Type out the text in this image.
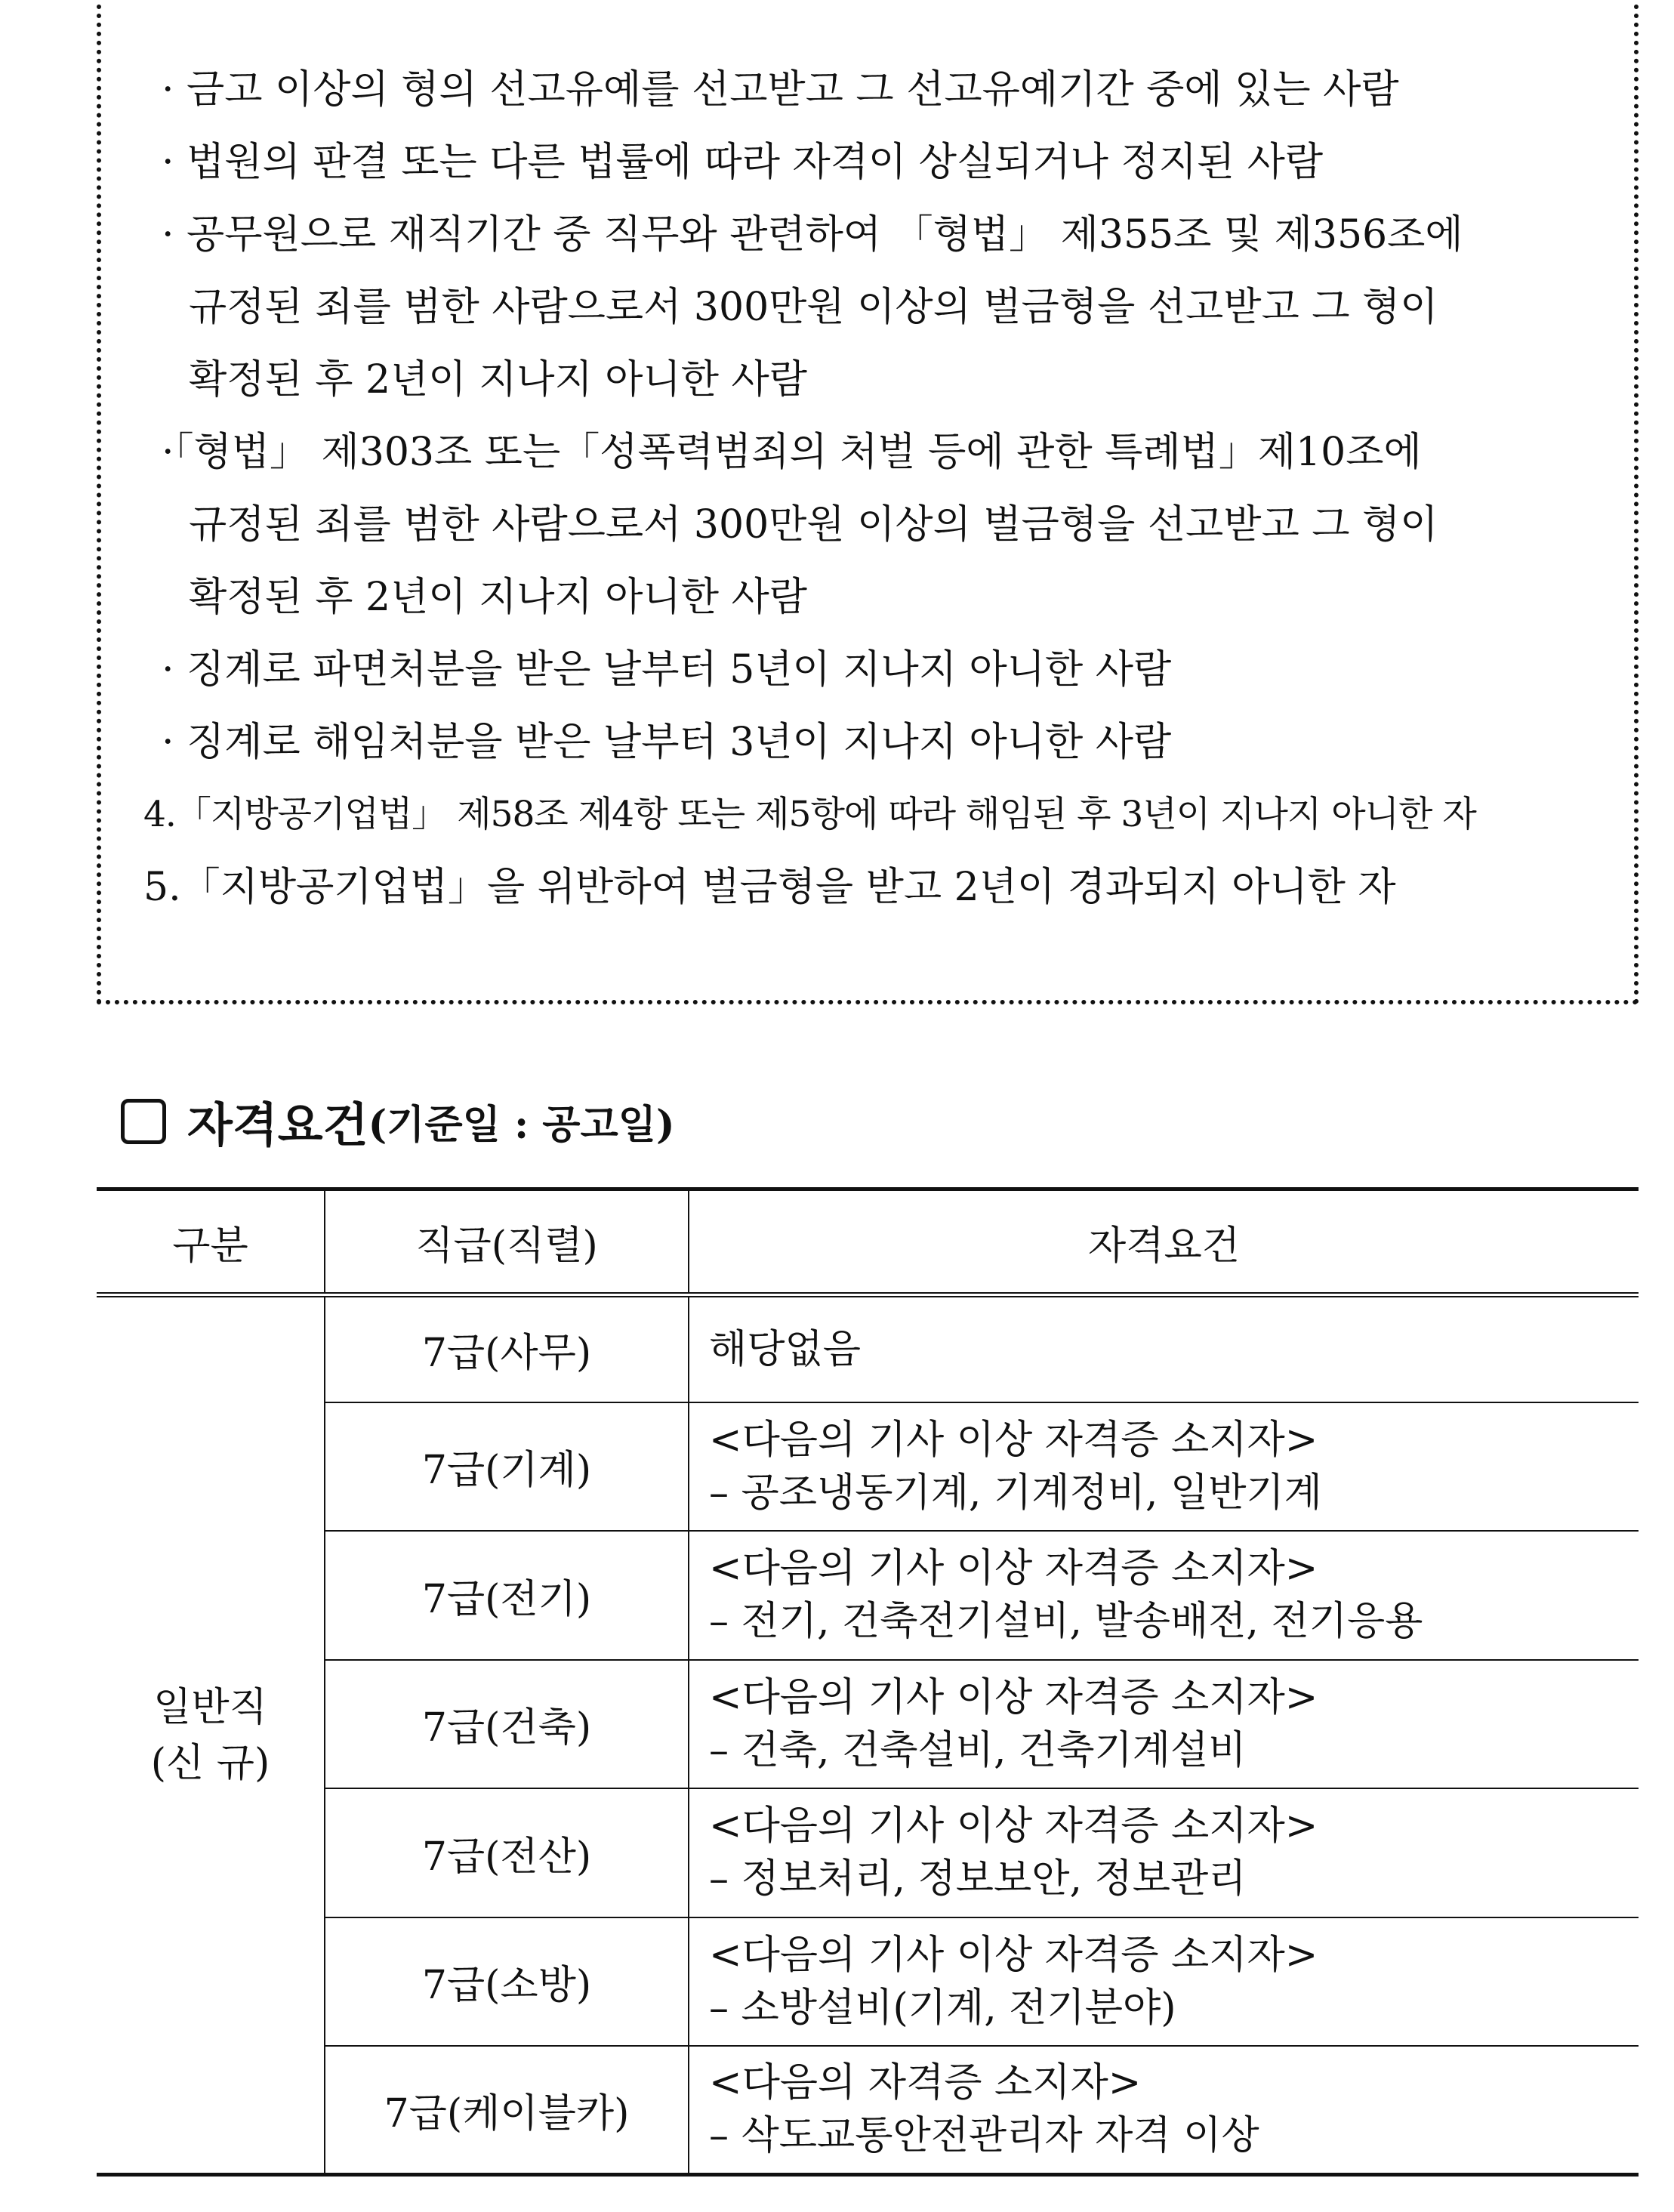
· 금고 이상의 형의 선고유예를 선고받고 그 선고유예기간 중에 있는 사람
· 법원의 판결 또는 다른 법률에 따라 자격이 상실되거나 정지된 사람
· 공무원으로 재직기간 중 직무와 관련하여 「형법」 제355조 및 제356조에
규정된 죄를 범한 사람으로서 300만원 이상의 벌금형을 선고받고 그 형이
확정된 후 2년이 지나지 아니한 사람
·「형법」 제303조 또는「성폭력범죄의 처벌 등에 관한 특례법」제10조에
규정된 죄를 범한 사람으로서 300만원 이상의 벌금형을 선고받고 그 형이
확정된 후 2년이 지나지 아니한 사람
· 징계로 파면처분을 받은 날부터 5년이 지나지 아니한 사람
· 징계로 해임처분을 받은 날부터 3년이 지나지 아니한 사람
4.「지방공기업법」 제58조 제4항 또는 제5항에 따라 해임된 후 3년이 지나지 아니한 자
5.「지방공기업법」을 위반하여 벌금형을 받고 2년이 경과되지 아니한 자
자격요건 (기준일 : 공고일)
구분	직급(직렬)	자격요건

일반직
(신 규)	7급(사무)	해당없음

	7급(기계)	<다음의 기사 이상 자격증 소지자>
– 공조냉동기계, 기계정비, 일반기계

	7급(전기)	<다음의 기사 이상 자격증 소지자>
– 전기, 건축전기설비, 발송배전, 전기응용

	7급(건축)	<다음의 기사 이상 자격증 소지자>
– 건축, 건축설비, 건축기계설비

	7급(전산)	<다음의 기사 이상 자격증 소지자>
– 정보처리, 정보보안, 정보관리

	7급(소방)	<다음의 기사 이상 자격증 소지자>
– 소방설비(기계, 전기분야)

	7급(케이블카)	<다음의 자격증 소지자>
– 삭도교통안전관리자 자격 이상
